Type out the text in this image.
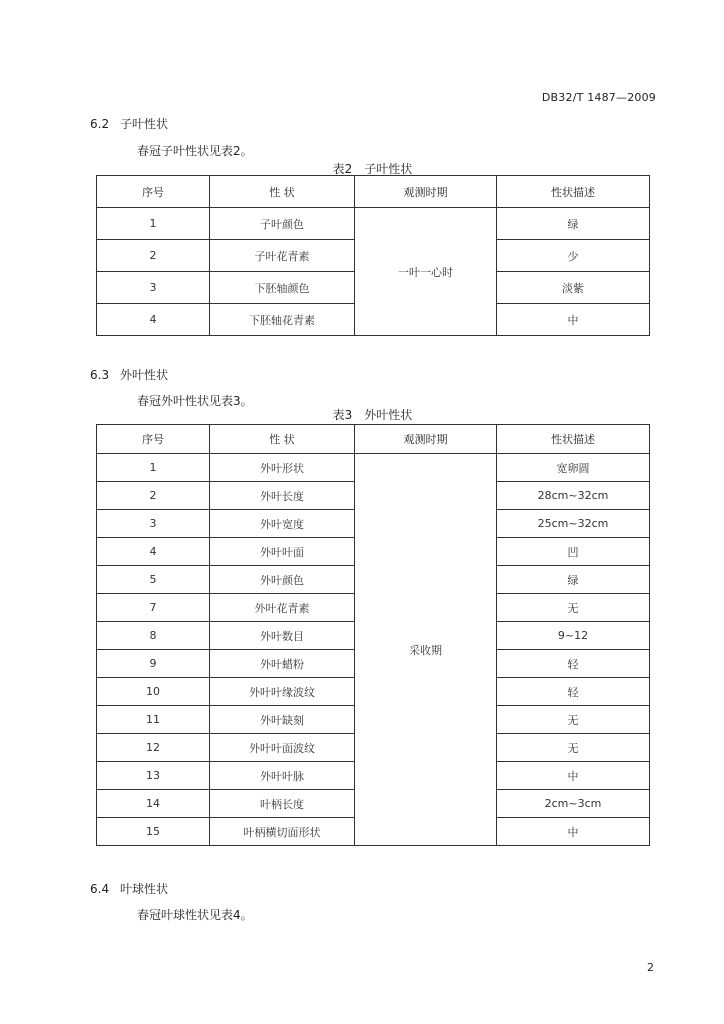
DB32/T 1487—2009
6.2 子叶性状
春冠子叶性状见表2。
表2　子叶性状
序号	性 状	观测时期	性状描述
1	子叶颜色	一叶一心时	绿
2	子叶花青素		少
3	下胚轴颜色		淡紫
4	下胚轴花青素		中
6.3 外叶性状
春冠外叶性状见表3。
表3　外叶性状
序号	性 状	观测时期	性状描述
1	外叶形状	采收期	宽卵圆
2	外叶长度		28cm~32cm
3	外叶宽度		25cm~32cm
4	外叶叶面		凹
5	外叶颜色		绿
7	外叶花青素		无
8	外叶数目		9~12
9	外叶蜡粉		轻
10	外叶叶缘波纹		轻
11	外叶缺刻		无
12	外叶叶面波纹		无
13	外叶叶脉		中
14	叶柄长度		2cm~3cm
15	叶柄横切面形状		中
6.4 叶球性状
春冠叶球性状见表4。
2
